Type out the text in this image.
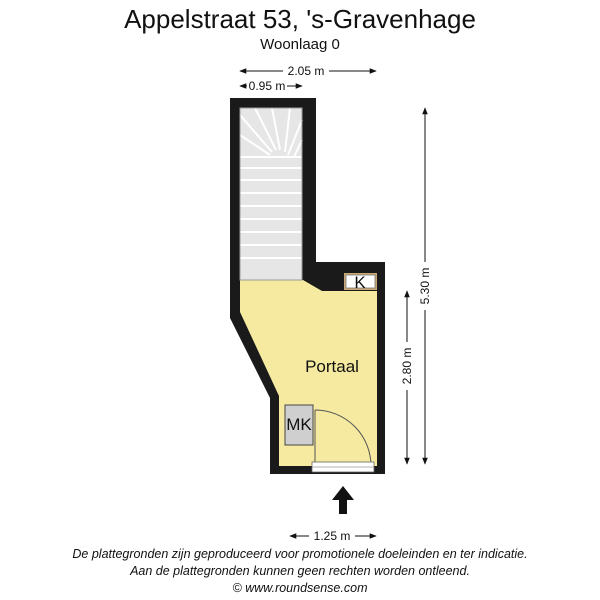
Appelstraat 53, 's-Gravenhage
Woonlaag 0
K
MK
Portaal
2.05 m
0.95 m
5.30 m
2.80 m
1.25 m
De plattegronden zijn geproduceerd voor promotionele doeleinden en ter indicatie.
Aan de plattegronden kunnen geen rechten worden ontleend.
© www.roundsense.com
